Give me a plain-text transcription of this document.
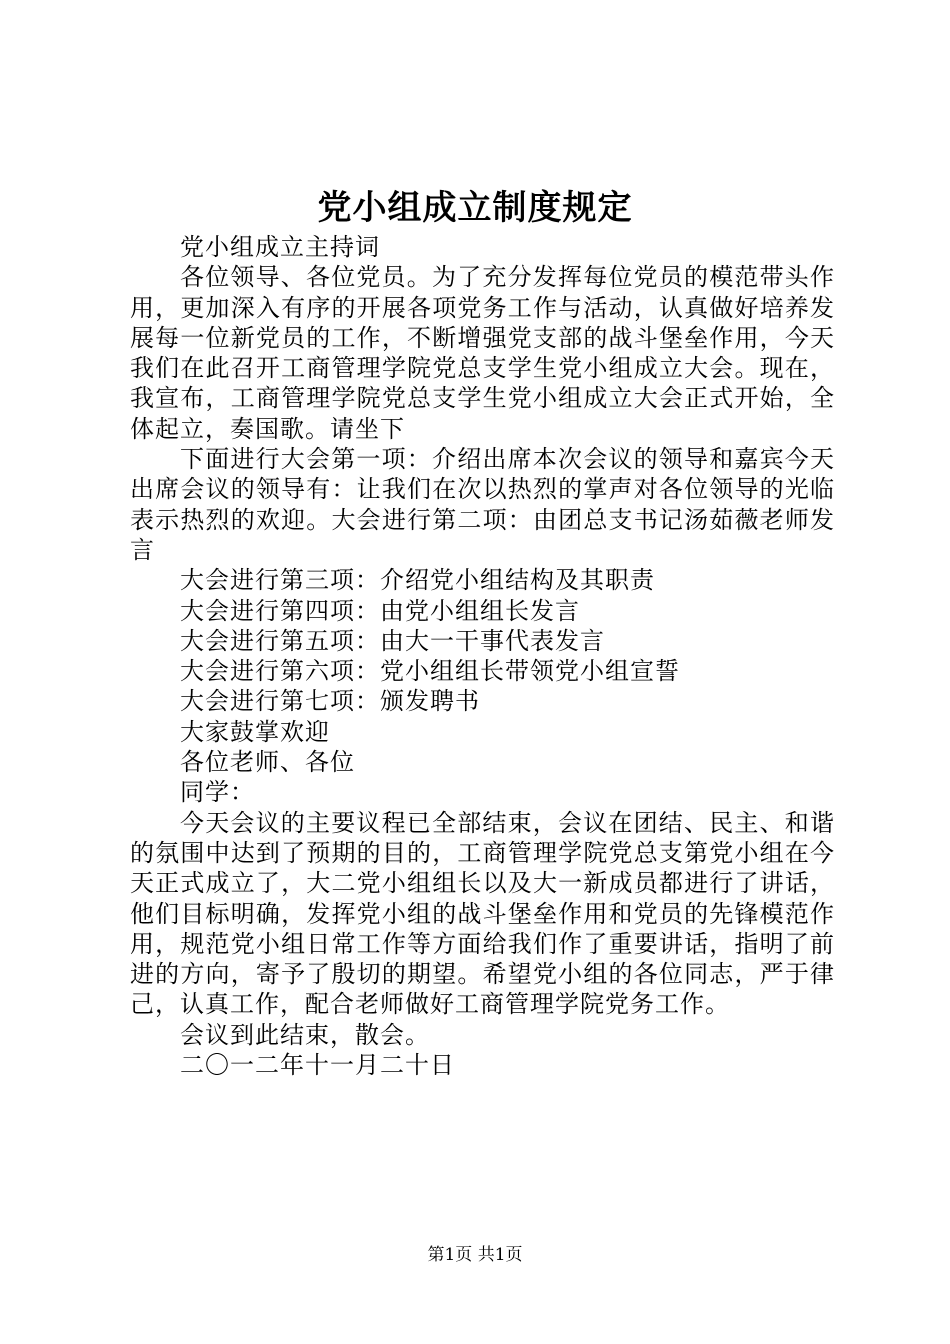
党小组成立制度规定

党小组成立主持词

各位领导、各位党员。为了充分发挥每位党员的模范带头作用，更加深入有序的开展各项党务工作与活动，认真做好培养发展每一位新党员的工作，不断增强党支部的战斗堡垒作用，今天我们在此召开工商管理学院党总支学生党小组成立大会。现在，我宣布，工商管理学院党总支学生党小组成立大会正式开始，全体起立，奏国歌。请坐下

下面进行大会第一项：介绍出席本次会议的领导和嘉宾今天出席会议的领导有：让我们在次以热烈的掌声对各位领导的光临表示热烈的欢迎。大会进行第二项：由团总支书记汤茹薇老师发言

大会进行第三项：介绍党小组结构及其职责

大会进行第四项：由党小组组长发言

大会进行第五项：由大一干事代表发言

大会进行第六项：党小组组长带领党小组宣誓

大会进行第七项：颁发聘书

大家鼓掌欢迎

各位老师、各位

同学：

今天会议的主要议程已全部结束，会议在团结、民主、和谐的氛围中达到了预期的目的，工商管理学院党总支第党小组在今天正式成立了，大二党小组组长以及大一新成员都进行了讲话，他们目标明确，发挥党小组的战斗堡垒作用和党员的先锋模范作用，规范党小组日常工作等方面给我们作了重要讲话，指明了前进的方向，寄予了殷切的期望。希望党小组的各位同志，严于律己，认真工作，配合老师做好工商管理学院党务工作。

会议到此结束，散会。

二〇一二年十一月二十日

第1页 共1页
